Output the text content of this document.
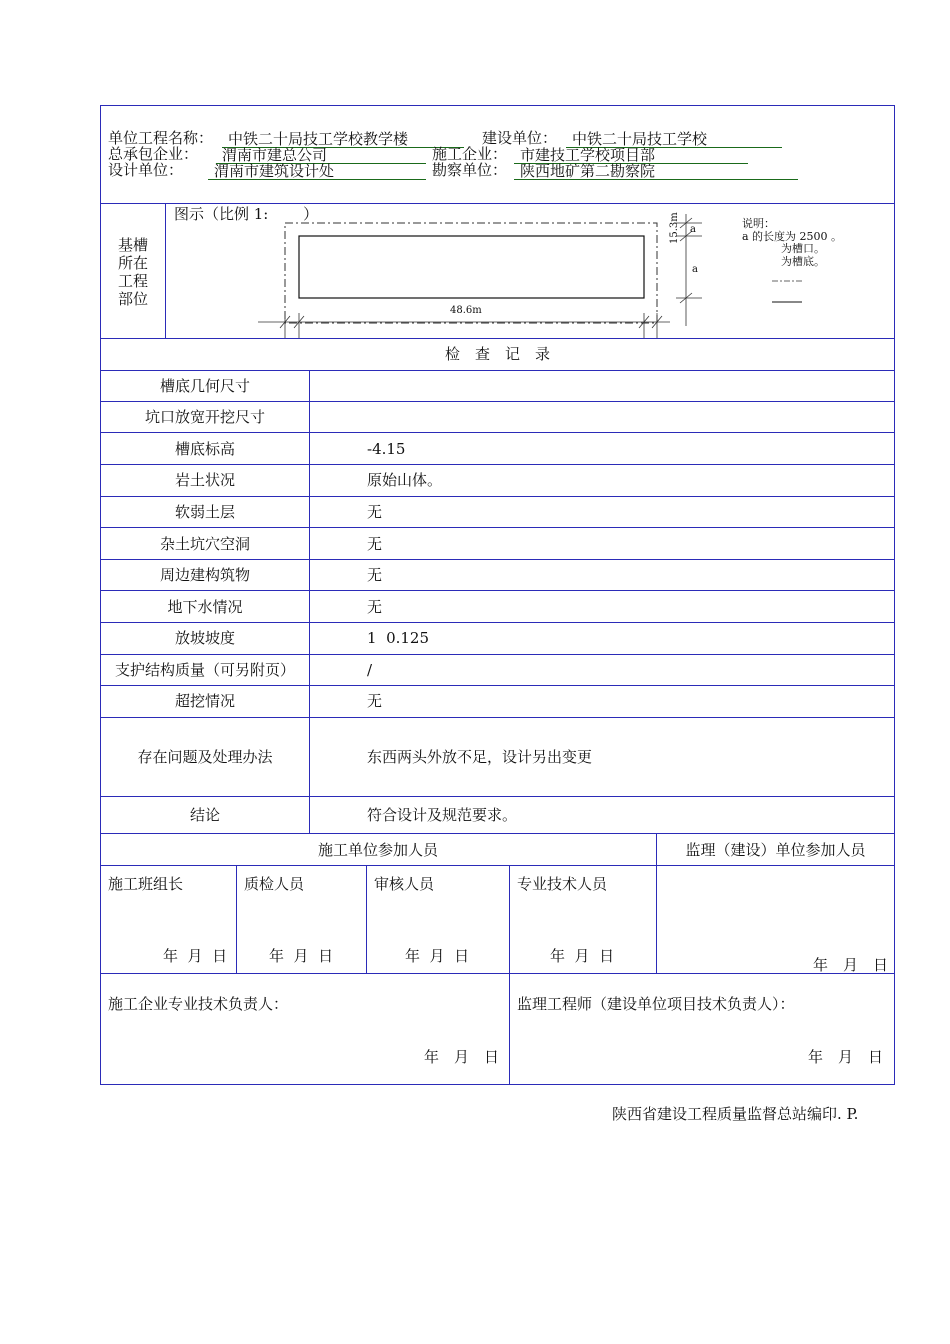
单位工程名称： 中铁二十局技工学校教学楼	建设单位： 中铁二十局技工学校
总承包企业：	渭南市建总公司	施工企业： 市建技工学校项目部
设计单位：	渭南市建筑设计处	勘察单位： 陕西地矿第二勘察院
基槽
所在
工程
部位
图示（比例 1:　　 ）
48.6m
15.3m a
a
说明：
a 的长度为 2500 。
为槽口。
为槽底。
检　查　记　录
槽底几何尺寸
坑口放宽开挖尺寸
槽底标高	-4.15
岩土状况	原始山体。
软弱土层	无
杂土坑穴空洞	无
周边建构筑物	无
地下水情况	无
放坡坡度	1  0.125
支护结构质量（可另附页）	/
超挖情况	无
存在问题及处理办法	东西两头外放不足，设计另出变更
结论	符合设计及规范要求。
施工单位参加人员	监理（建设）单位参加人员
施工班组长	质检人员	审核人员	专业技术人员
年  月  日	年  月  日	年  月  日	年  月  日	年　月　日
施工企业专业技术负责人：	监理工程师（建设单位项目技术负责人）：
年　月　日	年　月　日
陕西省建设工程质量监督总站编印. P.
